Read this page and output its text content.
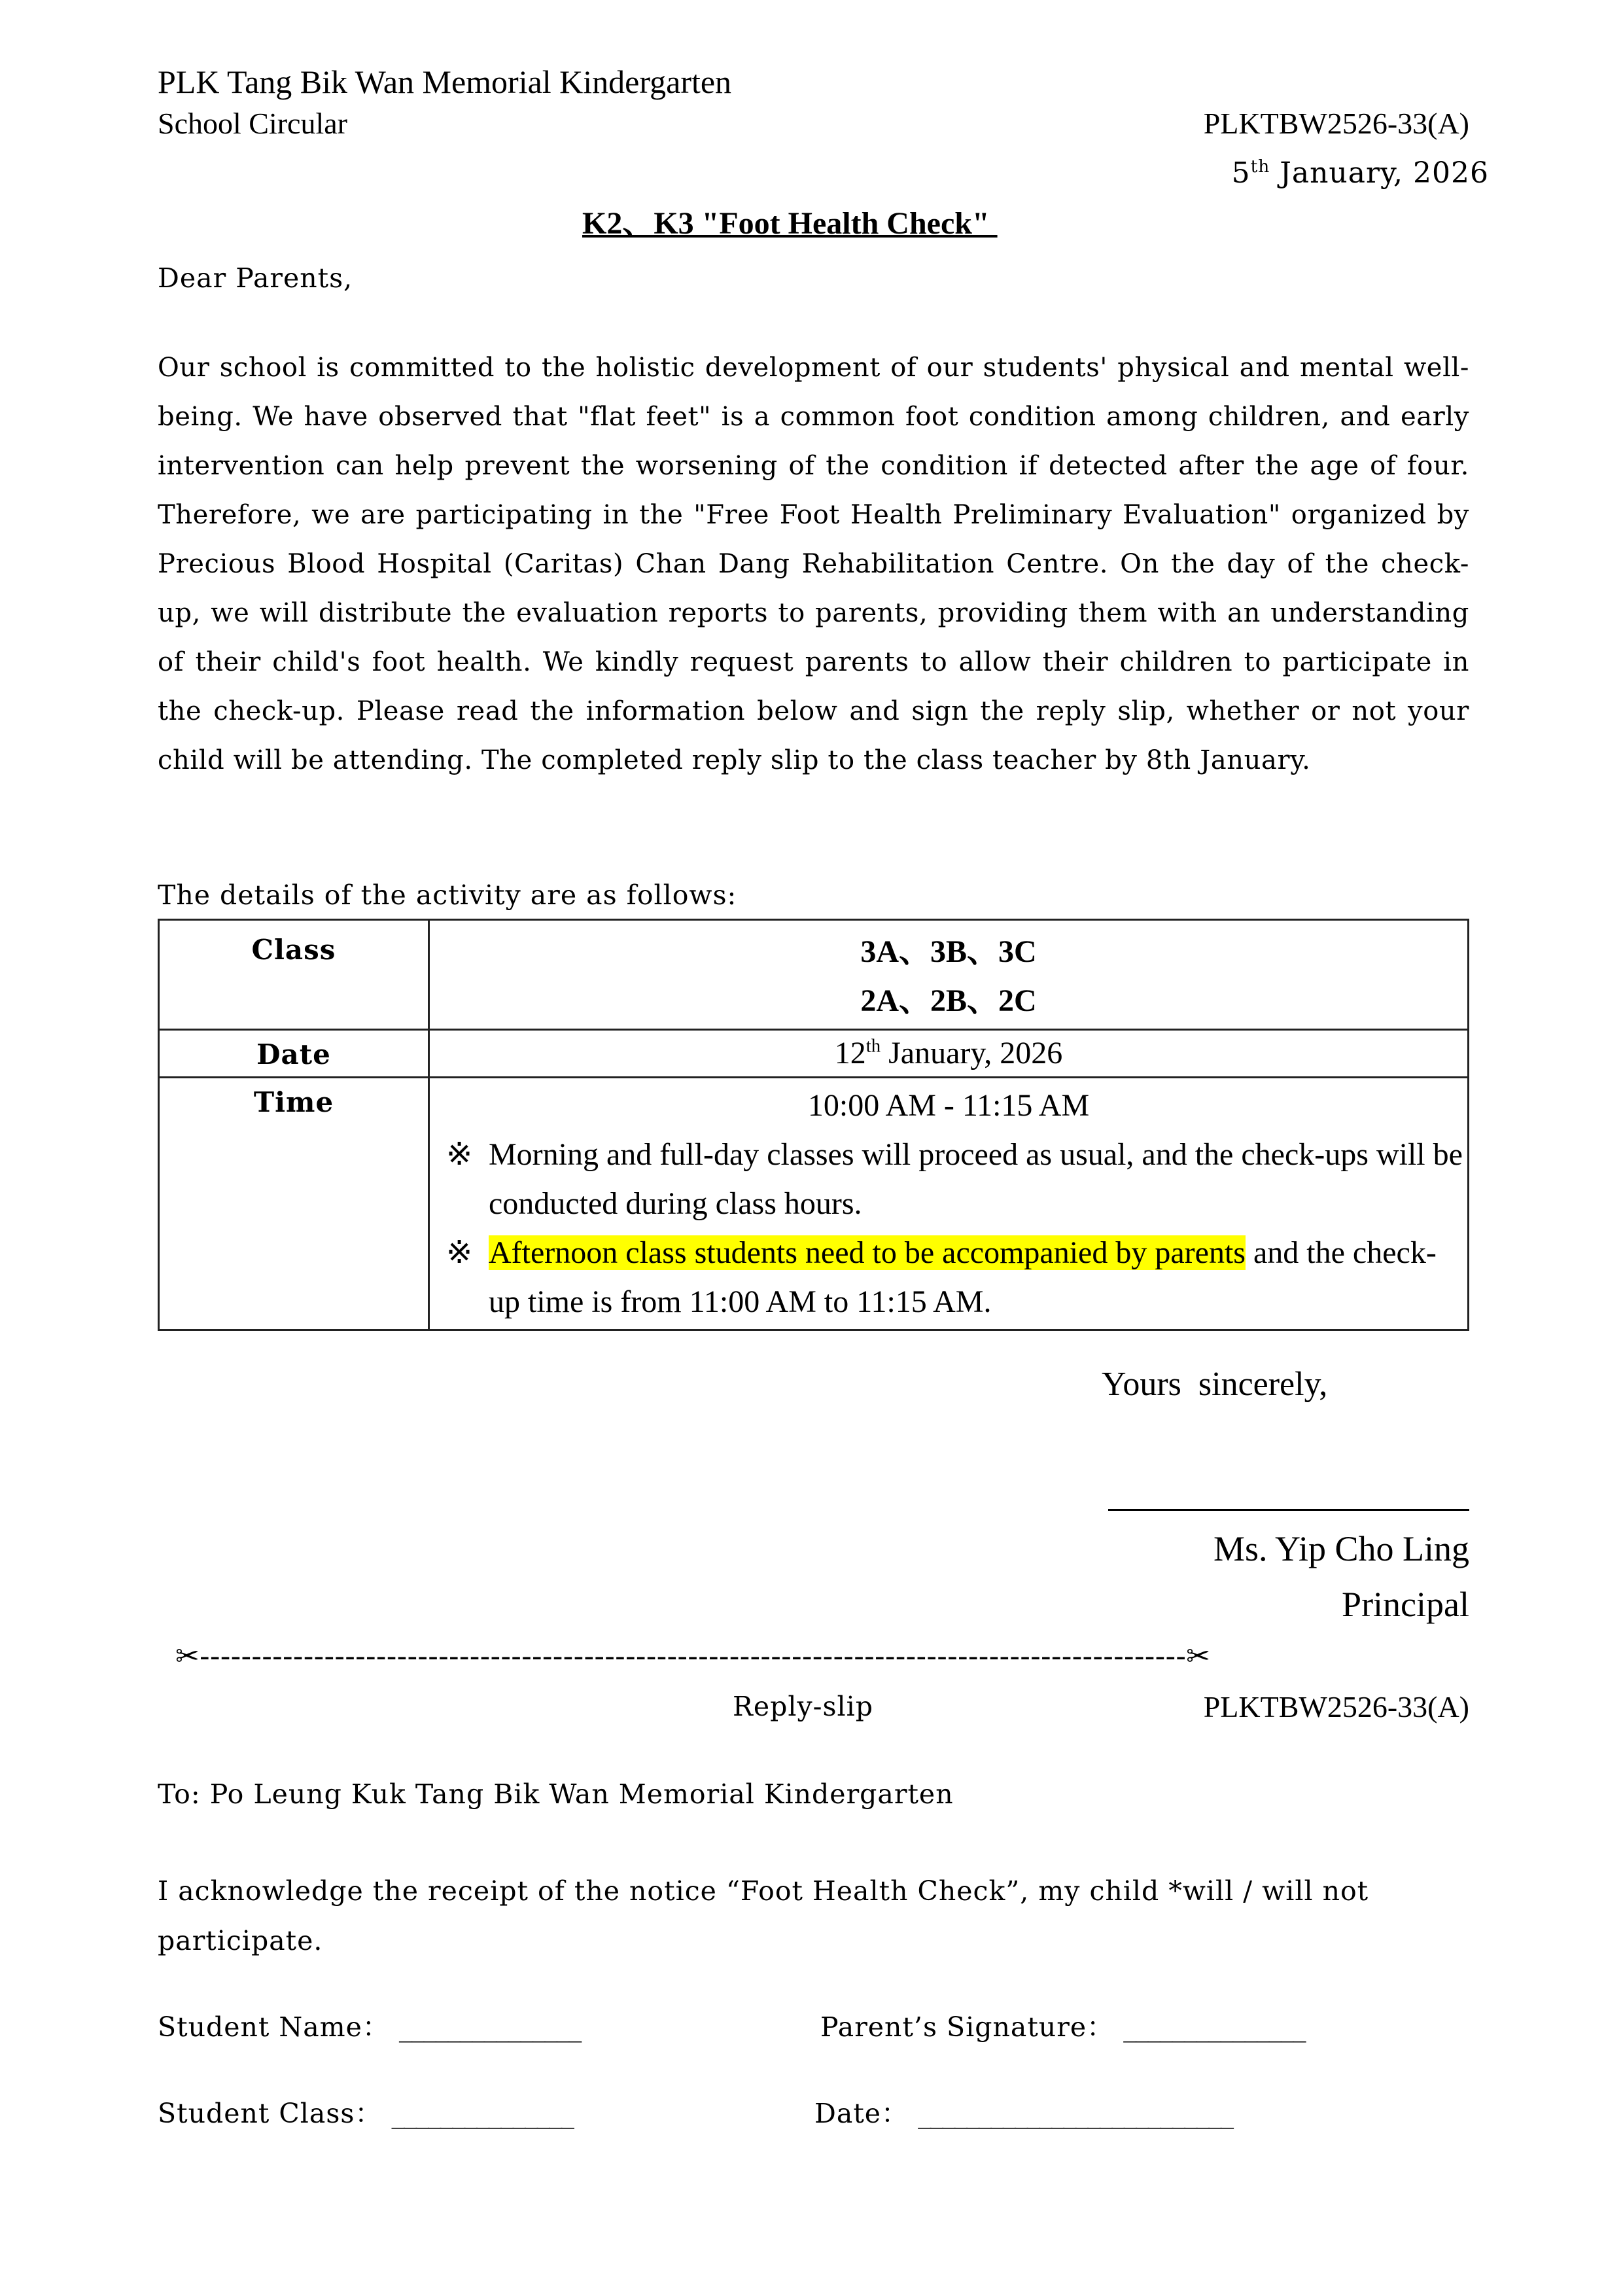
PLK Tang Bik Wan Memorial Kindergarten
School Circular	PLKTBW2526-33(A)
5th January, 2026
K2、K3 "Foot Health Check"
Dear Parents,
Our school is committed to the holistic development of our students' physical and mental well-being. We have observed that "flat feet" is a common foot condition among children, and early intervention can help prevent the worsening of the condition if detected after the age of four. Therefore, we are participating in the "Free Foot Health Preliminary Evaluation" organized by Precious Blood Hospital (Caritas) Chan Dang Rehabilitation Centre. On the day of the check-up, we will distribute the evaluation reports to parents, providing them with an understanding of their child's foot health. We kindly request parents to allow their children to participate in the check-up. Please read the information below and sign the reply slip, whether or not your child will be attending. The completed reply slip to the class teacher by 8th January.
The details of the activity are as follows:
Class	3A、3B、3C
2A、2B、2C

Date	12th January, 2026
Time	10:00 AM - 11:15 AM
※ Morning and full-day classes will proceed as usual, and the check-ups will be conducted during class hours.
※ Afternoon class students need to be accompanied by parents and the check-up time is from 11:00 AM to 11:15 AM.
Yours  sincerely,
Ms. Yip Cho Ling
Principal
✂-----------------------------------------------------------------------------------------------✂
Reply-slip	PLKTBW2526-33(A)
To: Po Leung Kuk Tang Bik Wan Memorial Kindergarten
I acknowledge the receipt of the notice “Foot Health Check”, my child *will / will not participate.
Student Name： _______________	Parent’s Signature： _______________
Student Class： _______________	Date： __________________________
